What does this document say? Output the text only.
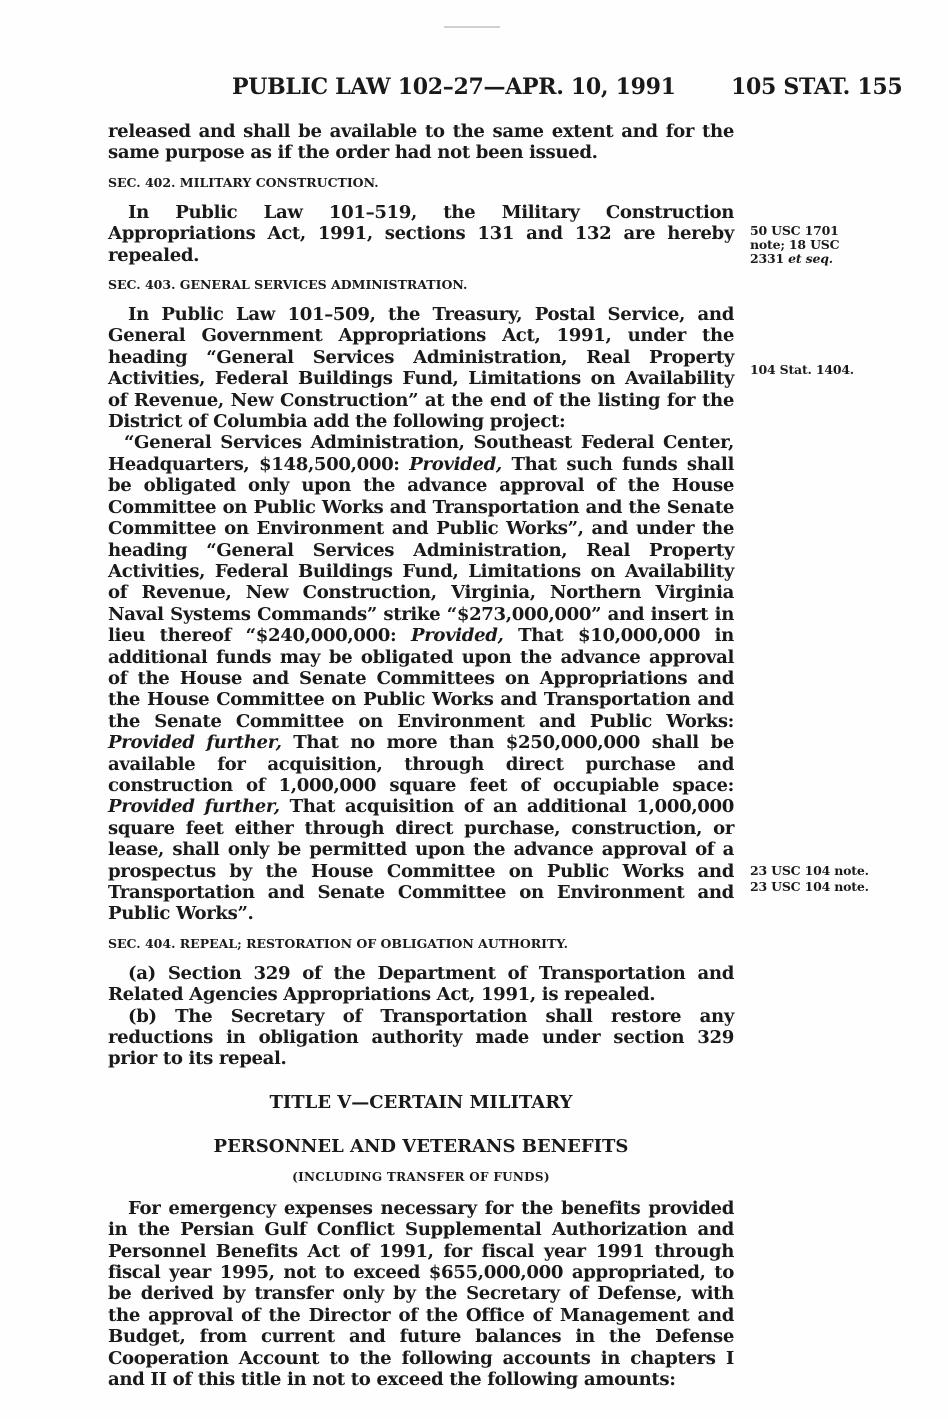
PUBLIC LAW 102–27—APR. 10, 1991	105 STAT. 155

released and shall be available to the same extent and for the same purpose as if the order had not been issued.

SEC. 402. MILITARY CONSTRUCTION.

In Public Law 101–519, the Military Construction Appropriations Act, 1991, sections 131 and 132 are hereby repealed.

SEC. 403. GENERAL SERVICES ADMINISTRATION.

In Public Law 101–509, the Treasury, Postal Service, and General Government Appropriations Act, 1991, under the heading “General Services Administration, Real Property Activities, Federal Buildings Fund, Limitations on Availability of Revenue, New Construction” at the end of the listing for the District of Columbia add the following project:

“General Services Administration, Southeast Federal Center, Headquarters, $148,500,000: Provided, That such funds shall be obligated only upon the advance approval of the House Committee on Public Works and Transportation and the Senate Committee on Environment and Public Works”, and under the heading “General Services Administration, Real Property Activities, Federal Buildings Fund, Limitations on Availability of Revenue, New Construction, Virginia, Northern Virginia Naval Systems Commands” strike “$273,000,000” and insert in lieu thereof “$240,000,000: Provided, That $10,000,000 in additional funds may be obligated upon the advance approval of the House and Senate Committees on Appropriations and the House Committee on Public Works and Transportation and the Senate Committee on Environment and Public Works: Provided further, That no more than $250,000,000 shall be available for acquisition, through direct purchase and construction of 1,000,000 square feet of occupiable space: Provided further, That acquisition of an additional 1,000,000 square feet either through direct purchase, construction, or lease, shall only be permitted upon the advance approval of a prospectus by the House Committee on Public Works and Transportation and Senate Committee on Environment and Public Works”.

SEC. 404. REPEAL; RESTORATION OF OBLIGATION AUTHORITY.

(a) Section 329 of the Department of Transportation and Related Agencies Appropriations Act, 1991, is repealed.

(b) The Secretary of Transportation shall restore any reductions in obligation authority made under section 329 prior to its repeal.

TITLE V—CERTAIN MILITARY
PERSONNEL AND VETERANS BENEFITS
(INCLUDING TRANSFER OF FUNDS)

For emergency expenses necessary for the benefits provided in the Persian Gulf Conflict Supplemental Authorization and Personnel Benefits Act of 1991, for fiscal year 1991 through fiscal year 1995, not to exceed $655,000,000 appropriated, to be derived by transfer only by the Secretary of Defense, with the approval of the Director of the Office of Management and Budget, from current and future balances in the Defense Cooperation Account to the following accounts in chapters I and II of this title in not to exceed the following amounts:

50 USC 1701
note; 18 USC
2331 et seq.
104 Stat. 1404.
23 USC 104 note.
23 USC 104 note.
